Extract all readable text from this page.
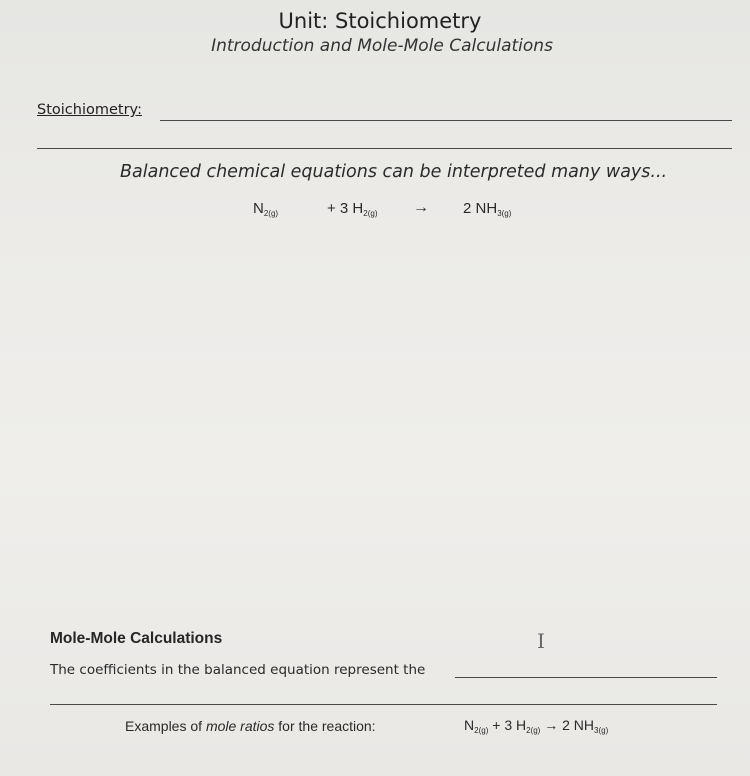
Unit: Stoichiometry
Introduction and Mole-Mole Calculations
Stoichiometry:
Balanced chemical equations can be interpreted many ways...
$N_{2(g)}$	+ 3 $H_{2(g)} \to 2$ $NH_{3(g)}$
Mole-Mole Calculations	I
The coefficients in the balanced equation represent the
Examples of mole ratios for the reaction:	$N_{2(g)} + 3$ $H_{2(g)} \to 2$ $NH_{3(g)}$
